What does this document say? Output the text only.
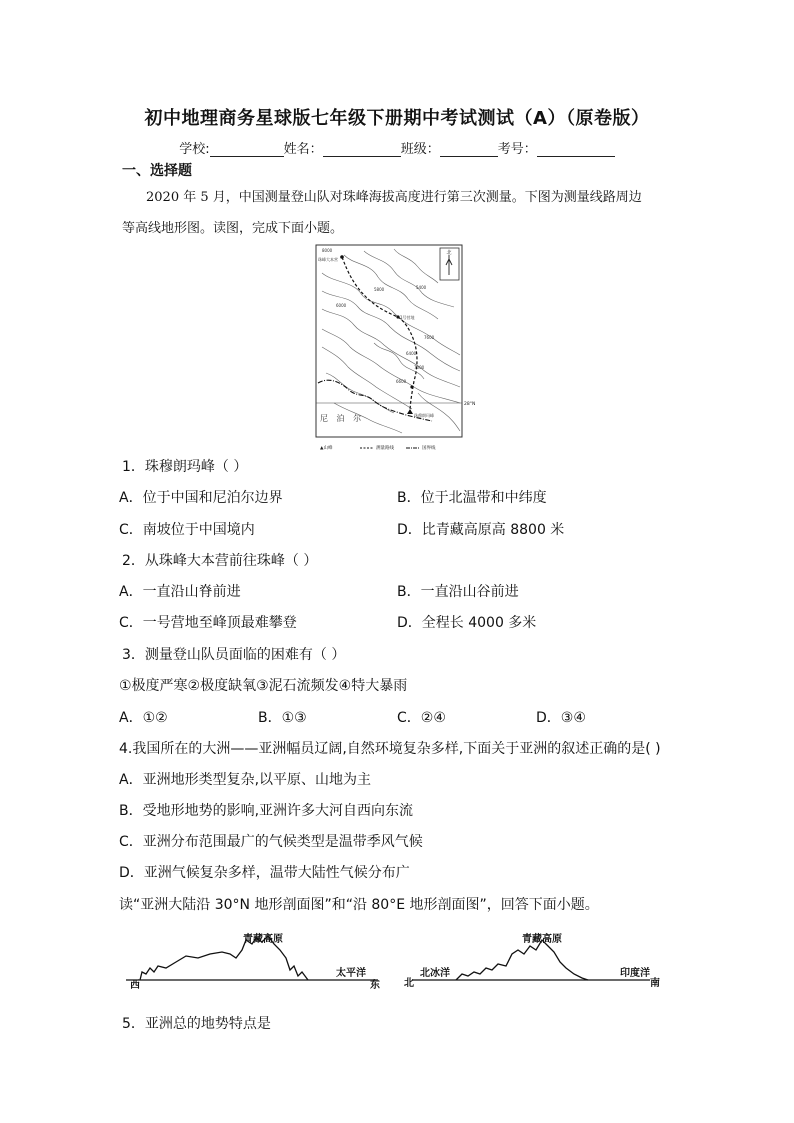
初中地理商务星球版七年级下册期中考试测试（A）（原卷版）
学校:	姓名：	班级：	考号：
一、选择题
2020 年 5 月，中国测量登山队对珠峰海拔高度进行第三次测量。下图为测量线路周边
等高线地形图。读图，完成下面小题。
北
28°N
8000
珠峰大本营
1号营地
6000
5800
6400
5400
7000
6600
7600
珠穆朗玛峰
尼 泊 尔
▲山峰	测量路线	国界线
1．珠穆朗玛峰（ ）
A．位于中国和尼泊尔边界	B．位于北温带和中纬度
C．南坡位于中国境内	D．比青藏高原高 8800 米
2．从珠峰大本营前往珠峰（ ）
A．一直沿山脊前进	B．一直沿山谷前进
C．一号营地至峰顶最难攀登	D．全程长 4000 多米
3．测量登山队员面临的困难有（ ）
①极度严寒②极度缺氧③泥石流频发④特大暴雨
A．①②	B．①③	C．②④	D．③④
4.我国所在的大洲——亚洲幅员辽阔,自然环境复杂多样,下面关于亚洲的叙述正确的是( )
A．亚洲地形类型复杂,以平原、山地为主
B．受地形地势的影响,亚洲许多大河自西向东流
C．亚洲分布范围最广的气候类型是温带季风气候
D．亚洲气候复杂多样，温带大陆性气候分布广
读“亚洲大陆沿 30°N 地形剖面图”和“沿 80°E 地形剖面图”，回答下面小题。
青藏高原
西
太平洋
东
青藏高原
北
北冰洋	印度洋
南
5．亚洲总的地势特点是
